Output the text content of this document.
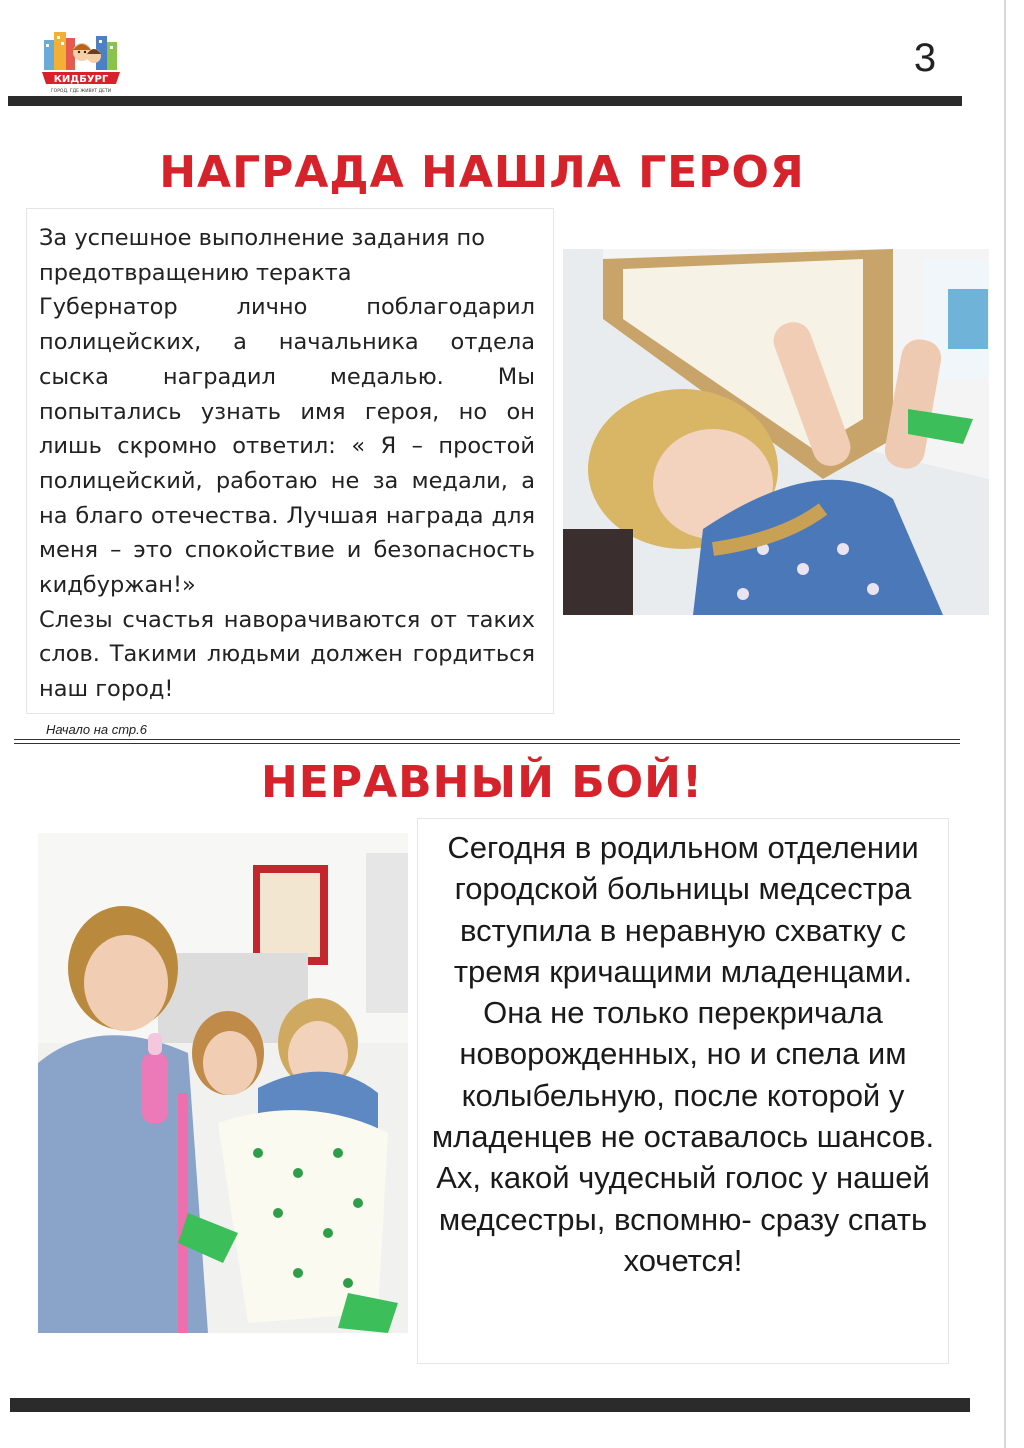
КИДБУРГ
ГОРОД, ГДЕ ЖИВУТ ДЕТИ
3
НАГРАДА НАШЛА ГЕРОЯ

За успешное выполнение задания по предотвращению теракта

Губернатор лично поблагодарил полицейских, а начальника отдела сыска наградил медалью. Мы попытались узнать имя героя, но он лишь скромно ответил: « Я – простой полицейский, работаю не за медали, а на благо отечества. Лучшая награда для меня – это спокойствие и безопасность кидбуржан!»

Слезы счастья наворачиваются от таких слов. Такими людьми должен гордиться наш город!

Начало на стр.6
НЕРАВНЫЙ БОЙ!

Сегодня в родильном отделении городской больницы медсестра вступила в неравную схватку с тремя кричащими младенцами. Она не только перекричала новорожденных, но и спела им колыбельную, после которой у младенцев не оставалось шансов. Ах, какой чудесный голос у нашей медсестры, вспомню- сразу спать хочется!
